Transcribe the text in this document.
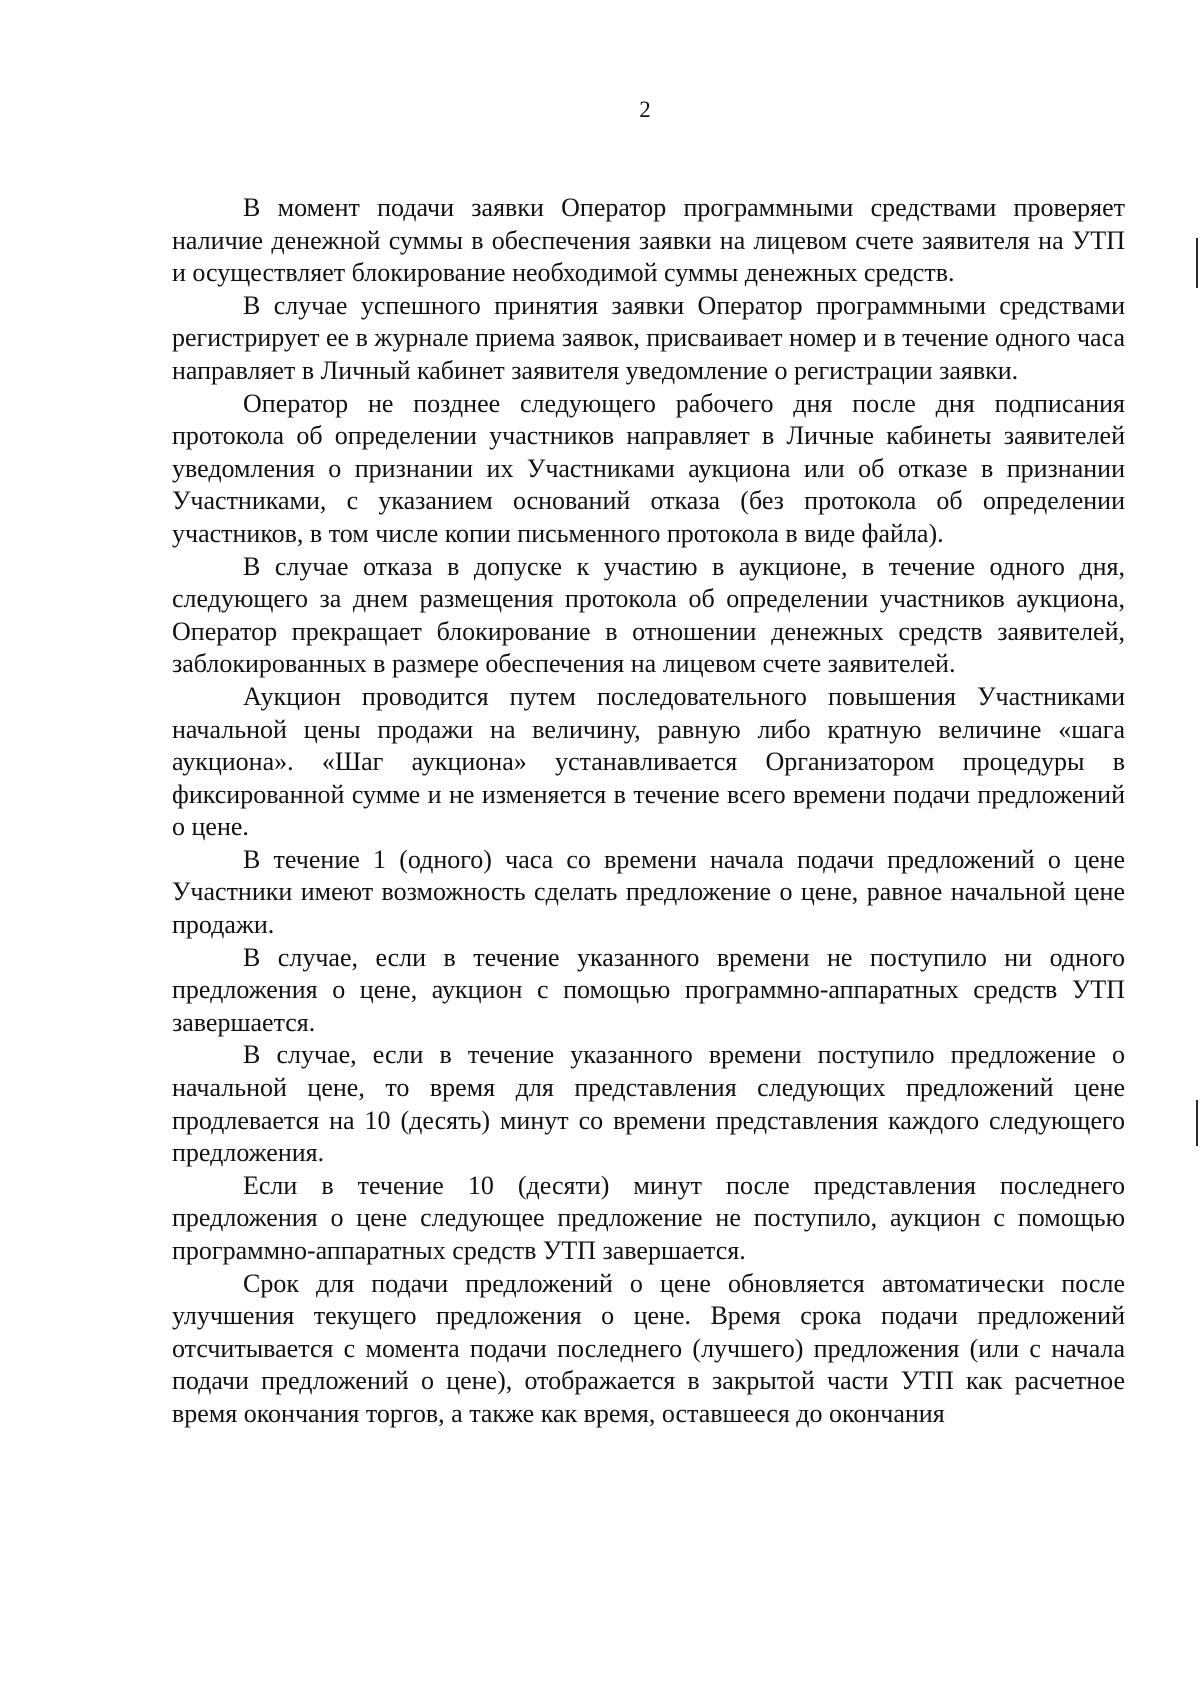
2

В момент подачи заявки Оператор программными средствами проверяет наличие денежной суммы в обеспечения заявки на лицевом счете заявителя на УТП и осуществляет блокирование необходимой суммы денежных средств.

В случае успешного принятия заявки Оператор программными средствами регистрирует ее в журнале приема заявок, присваивает номер и в течение одного часа направляет в Личный кабинет заявителя уведомление о регистрации заявки.

Оператор не позднее следующего рабочего дня после дня подписания протокола об определении участников направляет в Личные кабинеты заявителей уведомления о признании их Участниками аукциона или об отказе в признании Участниками, с указанием оснований отказа (без протокола об определении участников, в том числе копии письменного протокола в виде файла).

В случае отказа в допуске к участию в аукционе, в течение одного дня, следующего за днем размещения протокола об определении участников аукциона, Оператор прекращает блокирование в отношении денежных средств заявителей, заблокированных в размере обеспечения на лицевом счете заявителей.

Аукцион проводится путем последовательного повышения Участниками начальной цены продажи на величину, равную либо кратную величине «шага аукциона». «Шаг аукциона» устанавливается Организатором процедуры в фиксированной сумме и не изменяется в течение всего времени подачи предложений о цене.

В течение 1 (одного) часа со времени начала подачи предложений о цене Участники имеют возможность сделать предложение о цене, равное начальной цене продажи.

В случае, если в течение указанного времени не поступило ни одного предложения о цене, аукцион с помощью программно-аппаратных средств УТП завершается.

В случае, если в течение указанного времени поступило предложение о начальной цене, то время для представления следующих предложений цене продлевается на 10 (десять) минут со времени представления каждого следующего предложения.

Если в течение 10 (десяти) минут после представления последнего предложения о цене следующее предложение не поступило, аукцион с помощью программно-аппаратных средств УТП завершается.

Срок для подачи предложений о цене обновляется автоматически после улучшения текущего предложения о цене. Время срока подачи предложений отсчитывается с момента подачи последнего (лучшего) предложения (или с начала подачи предложений о цене), отображается в закрытой части УТП как расчетное время окончания торгов, а также как время, оставшееся до окончания
